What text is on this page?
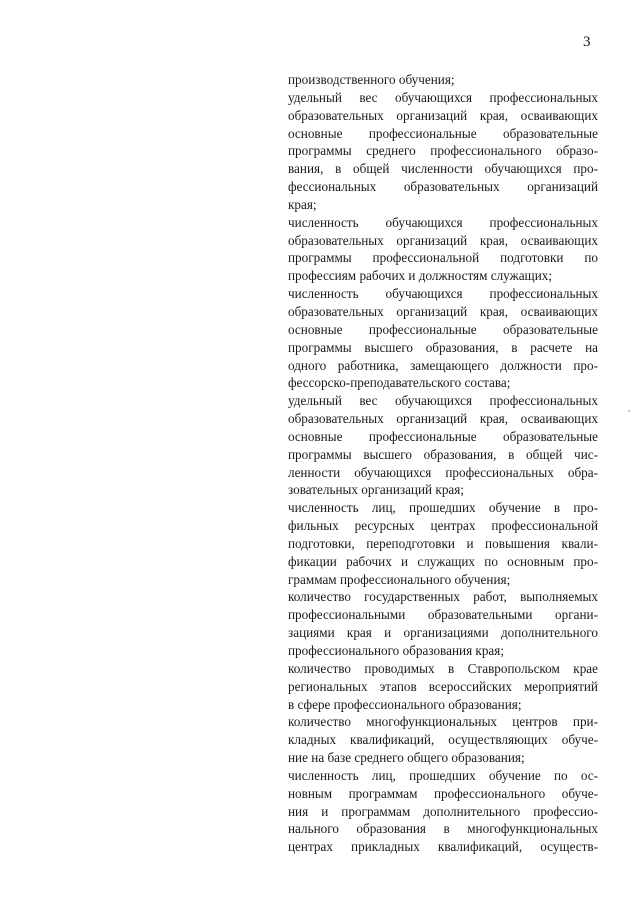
3
производственного обучения;
удельный вес обучающихся профессиональных
образовательных организаций края, осваивающих
основные профессиональные образовательные
программы среднего профессионального образо-
вания, в общей численности обучающихся про-
фессиональных образовательных организаций
края;
численность обучающихся профессиональных
образовательных организаций края, осваивающих
программы профессиональной подготовки по
профессиям рабочих и должностям служащих;
численность обучающихся профессиональных
образовательных организаций края, осваивающих
основные профессиональные образовательные
программы высшего образования, в расчете на
одного работника, замещающего должности про-
фессорско-преподавательского состава;
удельный вес обучающихся профессиональных
образовательных организаций края, осваивающих
основные профессиональные образовательные
программы высшего образования, в общей чис-
ленности обучающихся профессиональных обра-
зовательных организаций края;
численность лиц, прошедших обучение в про-
фильных ресурсных центрах профессиональной
подготовки, переподготовки и повышения квали-
фикации рабочих и служащих по основным про-
граммам профессионального обучения;
количество государственных работ, выполняемых
профессиональными образовательными органи-
зациями края и организациями дополнительного
профессионального образования края;
количество проводимых в Ставропольском крае
региональных этапов всероссийских мероприятий
в сфере профессионального образования;
количество многофункциональных центров при-
кладных квалификаций, осуществляющих обуче-
ние на базе среднего общего образования;
численность лиц, прошедших обучение по ос-
новным программам профессионального обуче-
ния и программам дополнительного профессио-
нального образования в многофункциональных
центрах прикладных квалификаций, осуществ-
